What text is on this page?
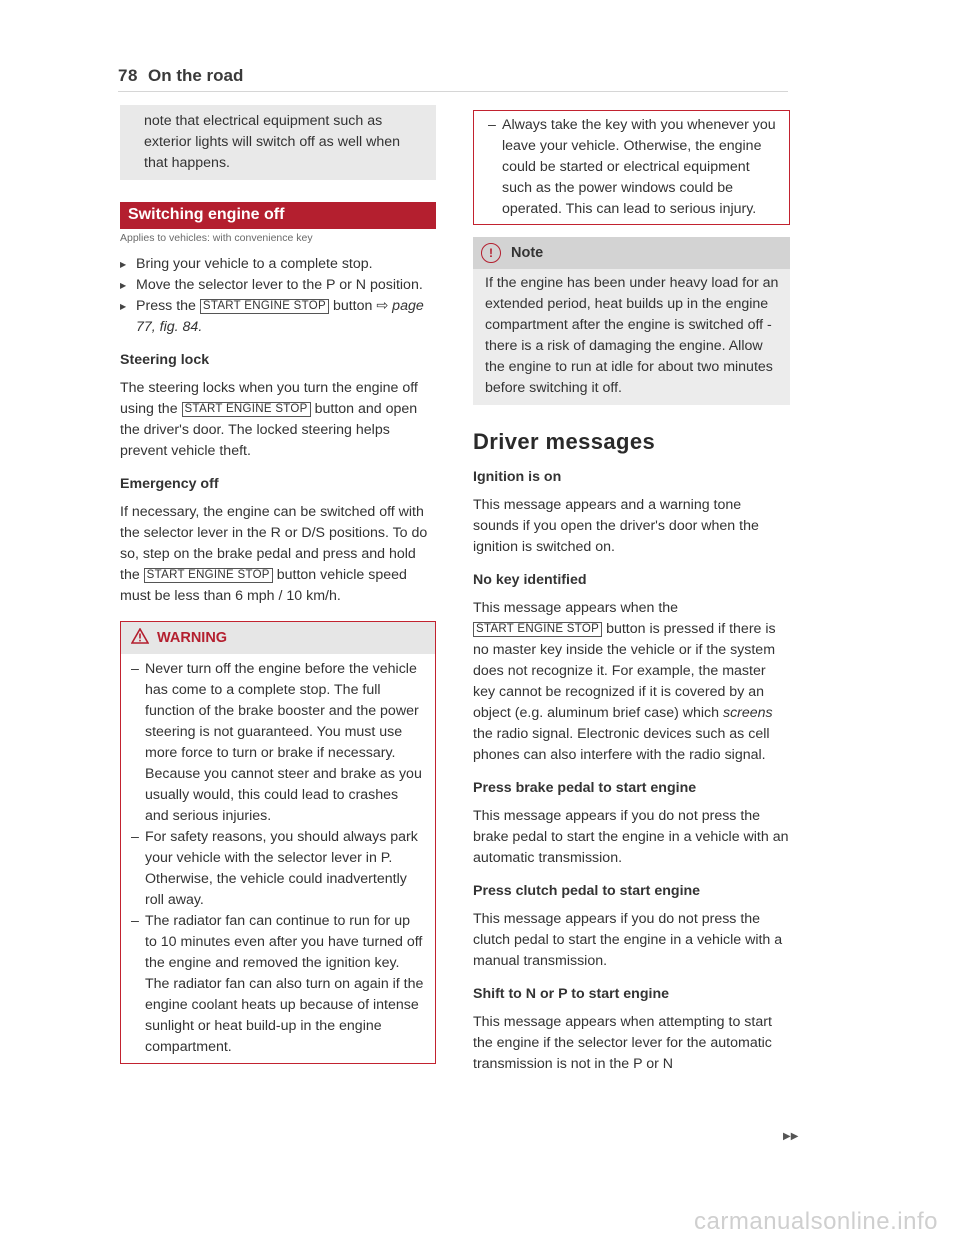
78 On the road
note that electrical equipment such as exterior lights will switch off as well when that happens.
Switching engine off
Applies to vehicles: with convenience key
▶ Bring your vehicle to a complete stop.
▶ Move the selector lever to the P or N position.
▶ Press the START ENGINE STOP button ⇨ page 77, fig. 84.
Steering lock

The steering locks when you turn the engine off using the START ENGINE STOP button and open the driver's door. The locked steering helps prevent vehicle theft.

Emergency off

If necessary, the engine can be switched off with the selector lever in the R or D/S positions. To do so, step on the brake pedal and press and hold the START ENGINE STOP button vehicle speed must be less than 6 mph / 10 km/h.

WARNING
– Never turn off the engine before the vehicle has come to a complete stop. The full function of the brake booster and the power steering is not guaranteed. You must use more force to turn or brake if necessary. Because you cannot steer and brake as you usually would, this could lead to crashes and serious injuries.
– For safety reasons, you should always park your vehicle with the selector lever in P. Otherwise, the vehicle could inadvertently roll away.
– The radiator fan can continue to run for up to 10 minutes even after you have turned off the engine and removed the ignition key. The radiator fan can also turn on again if the engine coolant heats up because of intense sunlight or heat build-up in the engine compartment.
– Always take the key with you whenever you leave your vehicle. Otherwise, the engine could be started or electrical equipment such as the power windows could be operated. This can lead to serious injury.
!	Note
If the engine has been under heavy load for an extended period, heat builds up in the engine compartment after the engine is switched off - there is a risk of damaging the engine. Allow the engine to run at idle for about two minutes before switching it off.
Driver messages
Ignition is on

This message appears and a warning tone sounds if you open the driver's door when the ignition is switched on.

No key identified

This message appears when the START ENGINE STOP button is pressed if there is no master key inside the vehicle or if the system does not recognize it. For example, the master key cannot be recognized if it is covered by an object (e.g. aluminum brief case) which screens the radio signal. Electronic devices such as cell phones can also interfere with the radio signal.

Press brake pedal to start engine

This message appears if you do not press the brake pedal to start the engine in a vehicle with an automatic transmission.

Press clutch pedal to start engine

This message appears if you do not press the clutch pedal to start the engine in a vehicle with a manual transmission.

Shift to N or P to start engine

This message appears when attempting to start the engine if the selector lever for the automatic transmission is not in the P or N

▶▶
carmanualsonline.info
